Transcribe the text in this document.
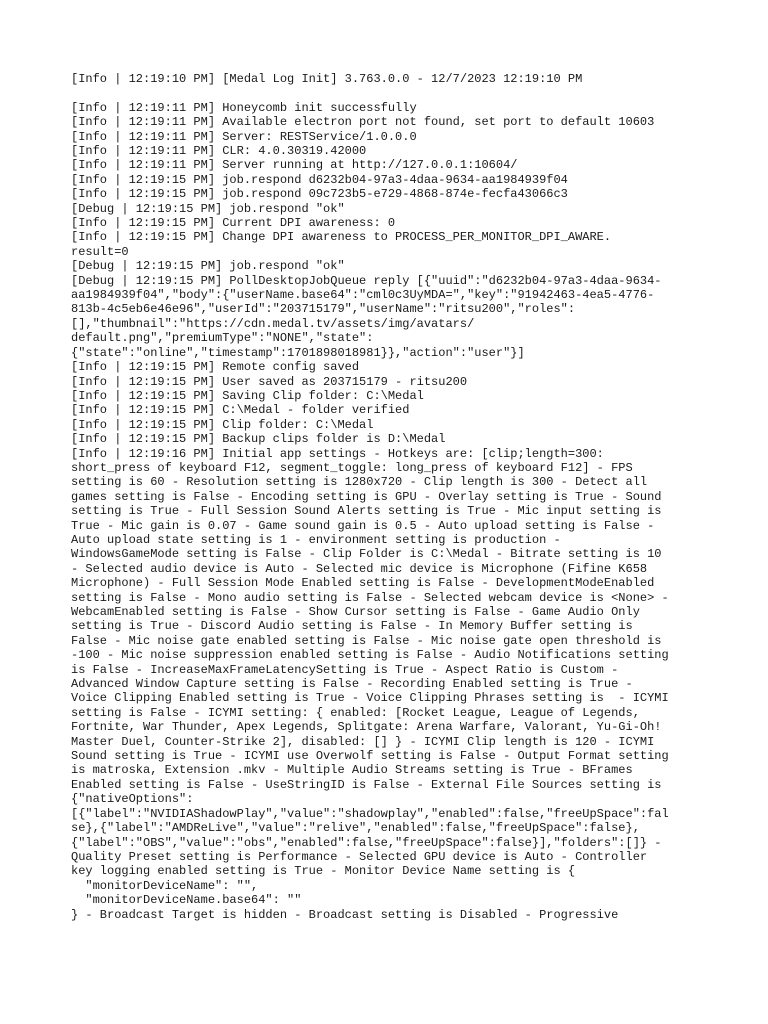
[Info | 12:19:10 PM] [Medal Log Init] 3.763.0.0 - 12/7/2023 12:19:10 PM

[Info | 12:19:11 PM] Honeycomb init successfully

[Info | 12:19:11 PM] Available electron port not found, set port to default 10603

[Info | 12:19:11 PM] Server: RESTService/1.0.0.0

[Info | 12:19:11 PM] CLR: 4.0.30319.42000

[Info | 12:19:11 PM] Server running at http://127.0.0.1:10604/

[Info | 12:19:15 PM] job.respond d6232b04-97a3-4daa-9634-aa1984939f04

[Info | 12:19:15 PM] job.respond 09c723b5-e729-4868-874e-fecfa43066c3

[Debug | 12:19:15 PM] job.respond "ok"

[Info | 12:19:15 PM] Current DPI awareness: 0

[Info | 12:19:15 PM] Change DPI awareness to PROCESS_PER_MONITOR_DPI_AWARE.
result=0

[Debug | 12:19:15 PM] job.respond "ok"

[Debug | 12:19:15 PM] PollDesktopJobQueue reply [{"uuid":"d6232b04-97a3-4daa-9634-
aa1984939f04","body":{"userName.base64":"cml0c3UyMDA=","key":"91942463-4ea5-4776-
813b-4c5eb6e46e96","userId":"203715179","userName":"ritsu200","roles":
[],"thumbnail":"https://cdn.medal.tv/assets/img/avatars/
default.png","premiumType":"NONE","state":
{"state":"online","timestamp":1701898018981}},"action":"user"}]

[Info | 12:19:15 PM] Remote config saved

[Info | 12:19:15 PM] User saved as 203715179 - ritsu200

[Info | 12:19:15 PM] Saving Clip folder: C:\Medal

[Info | 12:19:15 PM] C:\Medal - folder verified

[Info | 12:19:15 PM] Clip folder: C:\Medal

[Info | 12:19:15 PM] Backup clips folder is D:\Medal

[Info | 12:19:16 PM] Initial app settings - Hotkeys are: [clip;length=300:
short_press of keyboard F12, segment_toggle: long_press of keyboard F12] - FPS
setting is 60 - Resolution setting is 1280x720 - Clip length is 300 - Detect all
games setting is False - Encoding setting is GPU - Overlay setting is True - Sound
setting is True - Full Session Sound Alerts setting is True - Mic input setting is
True - Mic gain is 0.07 - Game sound gain is 0.5 - Auto upload setting is False -
Auto upload state setting is 1 - environment setting is production -
WindowsGameMode setting is False - Clip Folder is C:\Medal - Bitrate setting is 10
- Selected audio device is Auto - Selected mic device is Microphone (Fifine K658
Microphone) - Full Session Mode Enabled setting is False - DevelopmentModeEnabled
setting is False - Mono audio setting is False - Selected webcam device is <None> -
WebcamEnabled setting is False - Show Cursor setting is False - Game Audio Only
setting is True - Discord Audio setting is False - In Memory Buffer setting is
False - Mic noise gate enabled setting is False - Mic noise gate open threshold is
-100 - Mic noise suppression enabled setting is False - Audio Notifications setting
is False - IncreaseMaxFrameLatencySetting is True - Aspect Ratio is Custom -
Advanced Window Capture setting is False - Recording Enabled setting is True -
Voice Clipping Enabled setting is True - Voice Clipping Phrases setting is  - ICYMI
setting is False - ICYMI setting: { enabled: [Rocket League, League of Legends,
Fortnite, War Thunder, Apex Legends, Splitgate: Arena Warfare, Valorant, Yu-Gi-Oh!
Master Duel, Counter-Strike 2], disabled: [] } - ICYMI Clip length is 120 - ICYMI
Sound setting is True - ICYMI use Overwolf setting is False - Output Format setting
is matroska, Extension .mkv - Multiple Audio Streams setting is True - BFrames
Enabled setting is False - UseStringID is False - External File Sources setting is
{"nativeOptions":
[{"label":"NVIDIAShadowPlay","value":"shadowplay","enabled":false,"freeUpSpace":fal
se},{"label":"AMDReLive","value":"relive","enabled":false,"freeUpSpace":false},
{"label":"OBS","value":"obs","enabled":false,"freeUpSpace":false}],"folders":[]} -
Quality Preset setting is Performance - Selected GPU device is Auto - Controller
key logging enabled setting is True - Monitor Device Name setting is {
"monitorDeviceName": "",
"monitorDeviceName.base64": ""
} - Broadcast Target is hidden - Broadcast setting is Disabled - Progressive
